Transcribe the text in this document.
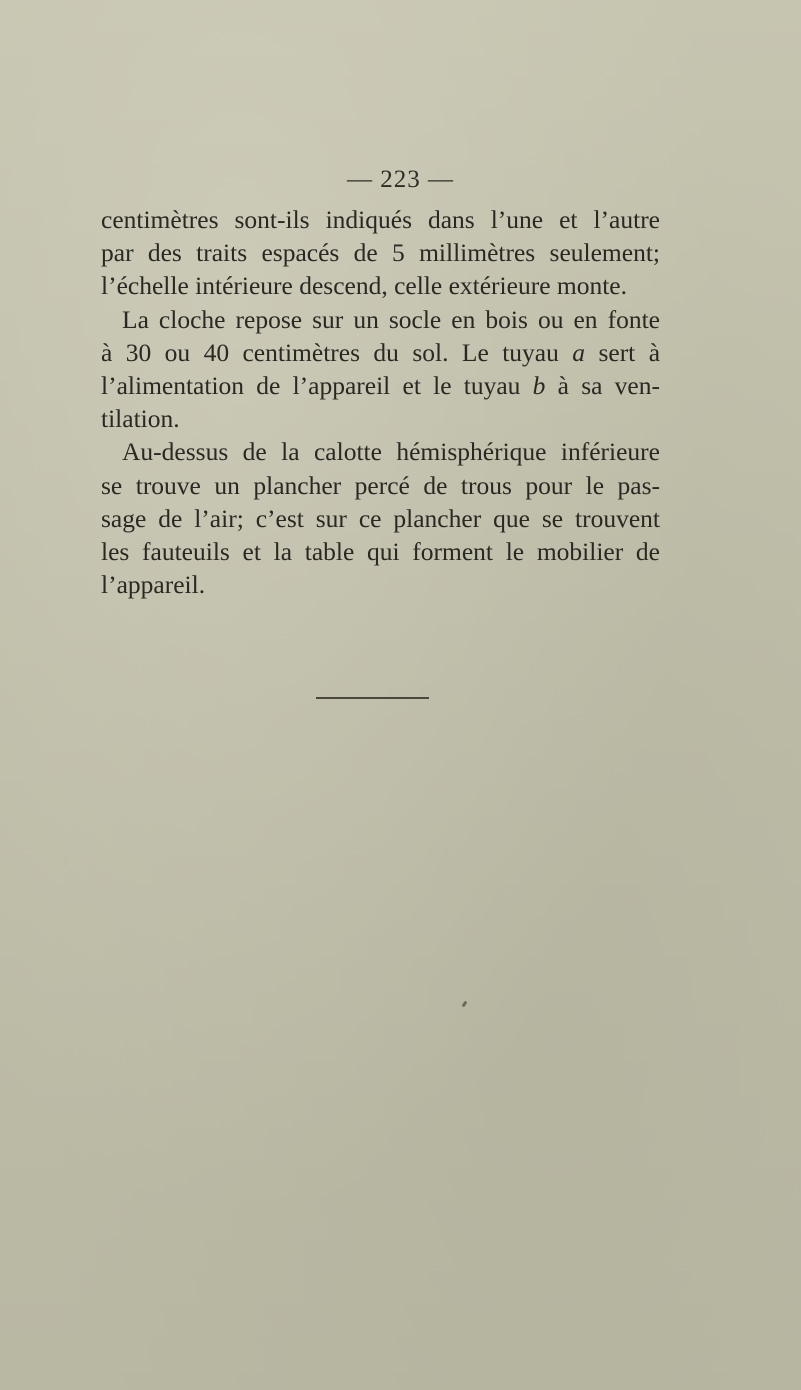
— 223 —

centimètres sont-ils indiqués dans l’une et l’autre
par des traits espacés de 5 millimètres seulement;
l’échelle intérieure descend, celle extérieure monte.

La cloche repose sur un socle en bois ou en fonte
à 30 ou 40 centimètres du sol. Le tuyau a sert à
l’alimentation de l’appareil et le tuyau b à sa ven-
tilation.

Au-dessus de la calotte hémisphérique inférieure
se trouve un plancher percé de trous pour le pas-
sage de l’air; c’est sur ce plancher que se trouvent
les fauteuils et la table qui forment le mobilier de
l’appareil.
